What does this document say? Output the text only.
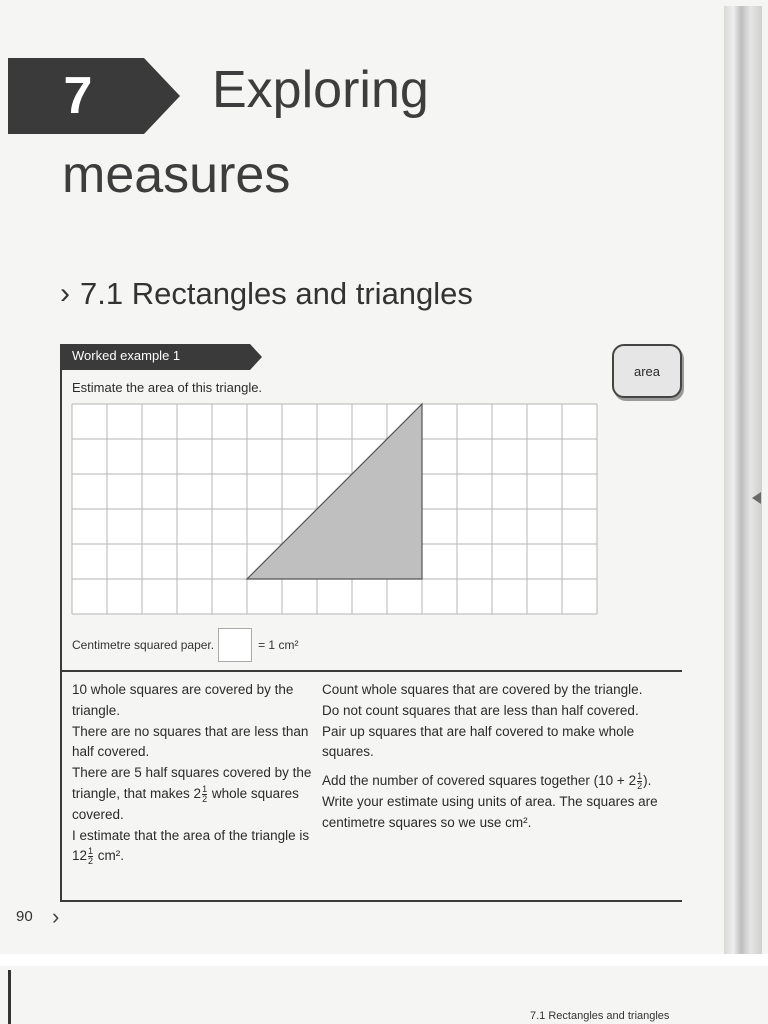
7	Exploring
measures
› 7.1 Rectangles and triangles
area
Worked example 1
Estimate the area of this triangle.
Centimetre squared paper.	= 1 cm²

10 whole squares are covered by the triangle.

There are no squares that are less than half covered.

There are 5 half squares covered by the triangle, that makes $2 \frac{1}{2}$ whole squares covered.

I estimate that the area of the triangle is $12 \frac{1}{2} cm^2$.

Count whole squares that are covered by the triangle.

Do not count squares that are less than half covered.

Pair up squares that are half covered to make whole squares.

Add the number of covered squares together ($10 + 2 \frac{1}{2}$ ). Write your estimate using units of area. The squares are centimetre squares so we use cm².

90 ›
7.1 Rectangles and triangles
